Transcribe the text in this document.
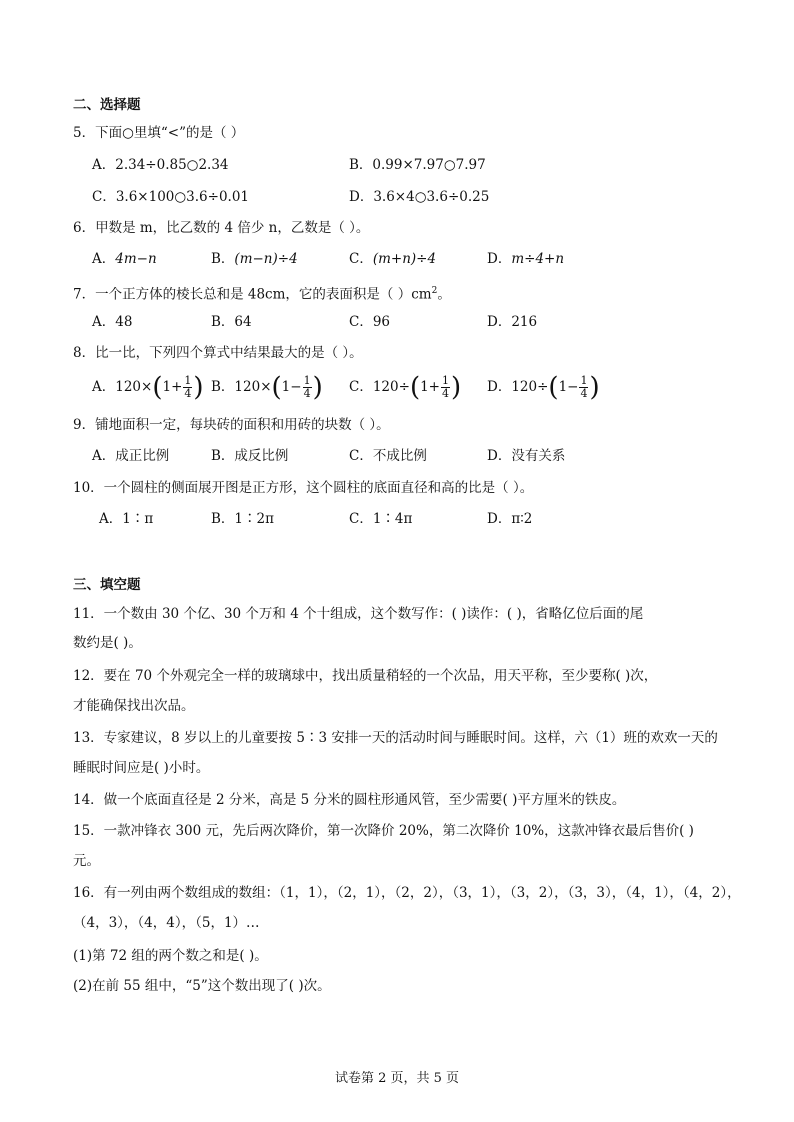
二、选择题
5．下面○里填“<”的是（ ）
A．2.34÷0.85○2.34	B．0.99×7.97○7.97
C．3.6×100○3.6÷0.01	D．3.6×4○3.6÷0.25
6．甲数是 m，比乙数的 4 倍少 n，乙数是（ ）。
A．4m−n	B．(m−n)÷4	C．(m+n)÷4	D．m÷4+n
7．一个正方体的棱长总和是 48cm，它的表面积是（ ）$cm^2$。
A．48	B．64	C．96	D．216
8．比一比，下列四个算式中结果最大的是（ ）。
A．$120\times(1+ \frac{1}{4}$ ) B．$120\times(1- \frac{1}{4}$ ) C．$120\div(1+ \frac{1}{4}$ ) D．$120\div(1- \frac{1}{4}$ )
9．铺地面积一定，每块砖的面积和用砖的块数（ ）。
A．成正比例	B．成反比例	C．不成比例	D．没有关系
10．一个圆柱的侧面展开图是正方形，这个圆柱的底面直径和高的比是（ ）。
A．1∶π	B．1∶2π	C．1∶4π	D．π∶2
三、填空题
11．一个数由 30 个亿、30 个万和 4 个十组成，这个数写作：( )读作：( )，省略亿位后面的尾
数约是( )。
12．要在 70 个外观完全一样的玻璃球中，找出质量稍轻的一个次品，用天平称，至少要称( )次，
才能确保找出次品。
13．专家建议，8 岁以上的儿童要按 5∶3 安排一天的活动时间与睡眠时间。这样，六（1）班的欢欢一天的
睡眠时间应是( )小时。
14．做一个底面直径是 2 分米，高是 5 分米的圆柱形通风管，至少需要( )平方厘米的铁皮。
15．一款冲锋衣 300 元，先后两次降价，第一次降价 20%，第二次降价 10%，这款冲锋衣最后售价( )
元。
16．有一列由两个数组成的数组：（1，1），（2，1），（2，2），（3，1），（3，2），（3，3），（4，1），（4，2），
（4，3），（4，4），（5，1）…
(1)第 72 组的两个数之和是( )。
(2)在前 55 组中，“5”这个数出现了( )次。
试卷第 2 页，共 5 页
